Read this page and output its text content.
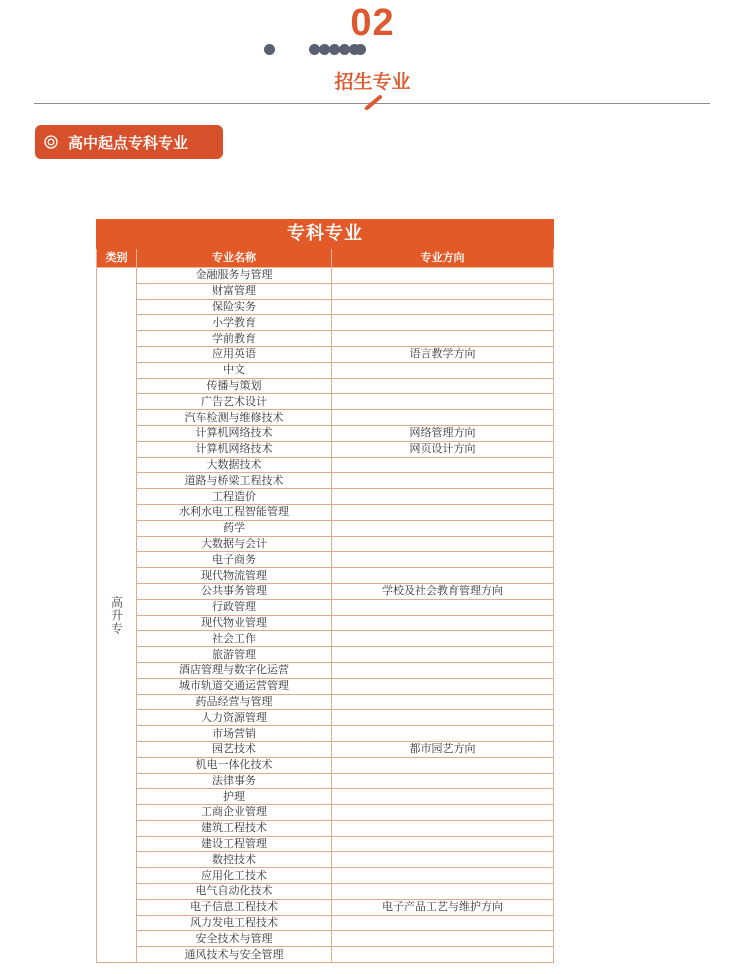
02
招生专业
高中起点专科专业
专科专业		
类别	专业名称	专业方向
高升专	金融服务与管理	
	财富管理	
	保险实务	
	小学教育	
	学前教育	
	应用英语	语言教学方向
	中文	
	传播与策划	
	广告艺术设计	
	汽车检测与维修技术	
	计算机网络技术	网络管理方向
	计算机网络技术	网页设计方向
	大数据技术	
	道路与桥梁工程技术	
	工程造价	
	水利水电工程智能管理	
	药学	
	大数据与会计	
	电子商务	
	现代物流管理	
	公共事务管理	学校及社会教育管理方向
	行政管理	
	现代物业管理	
	社会工作	
	旅游管理	
	酒店管理与数字化运营	
	城市轨道交通运营管理	
	药品经营与管理	
	人力资源管理	
	市场营销	
	园艺技术	都市园艺方向
	机电一体化技术	
	法律事务	
	护理	
	工商企业管理	
	建筑工程技术	
	建设工程管理	
	数控技术	
	应用化工技术	
	电气自动化技术	
	电子信息工程技术	电子产品工艺与维护方向
	风力发电工程技术	
	安全技术与管理	
	通风技术与安全管理	
